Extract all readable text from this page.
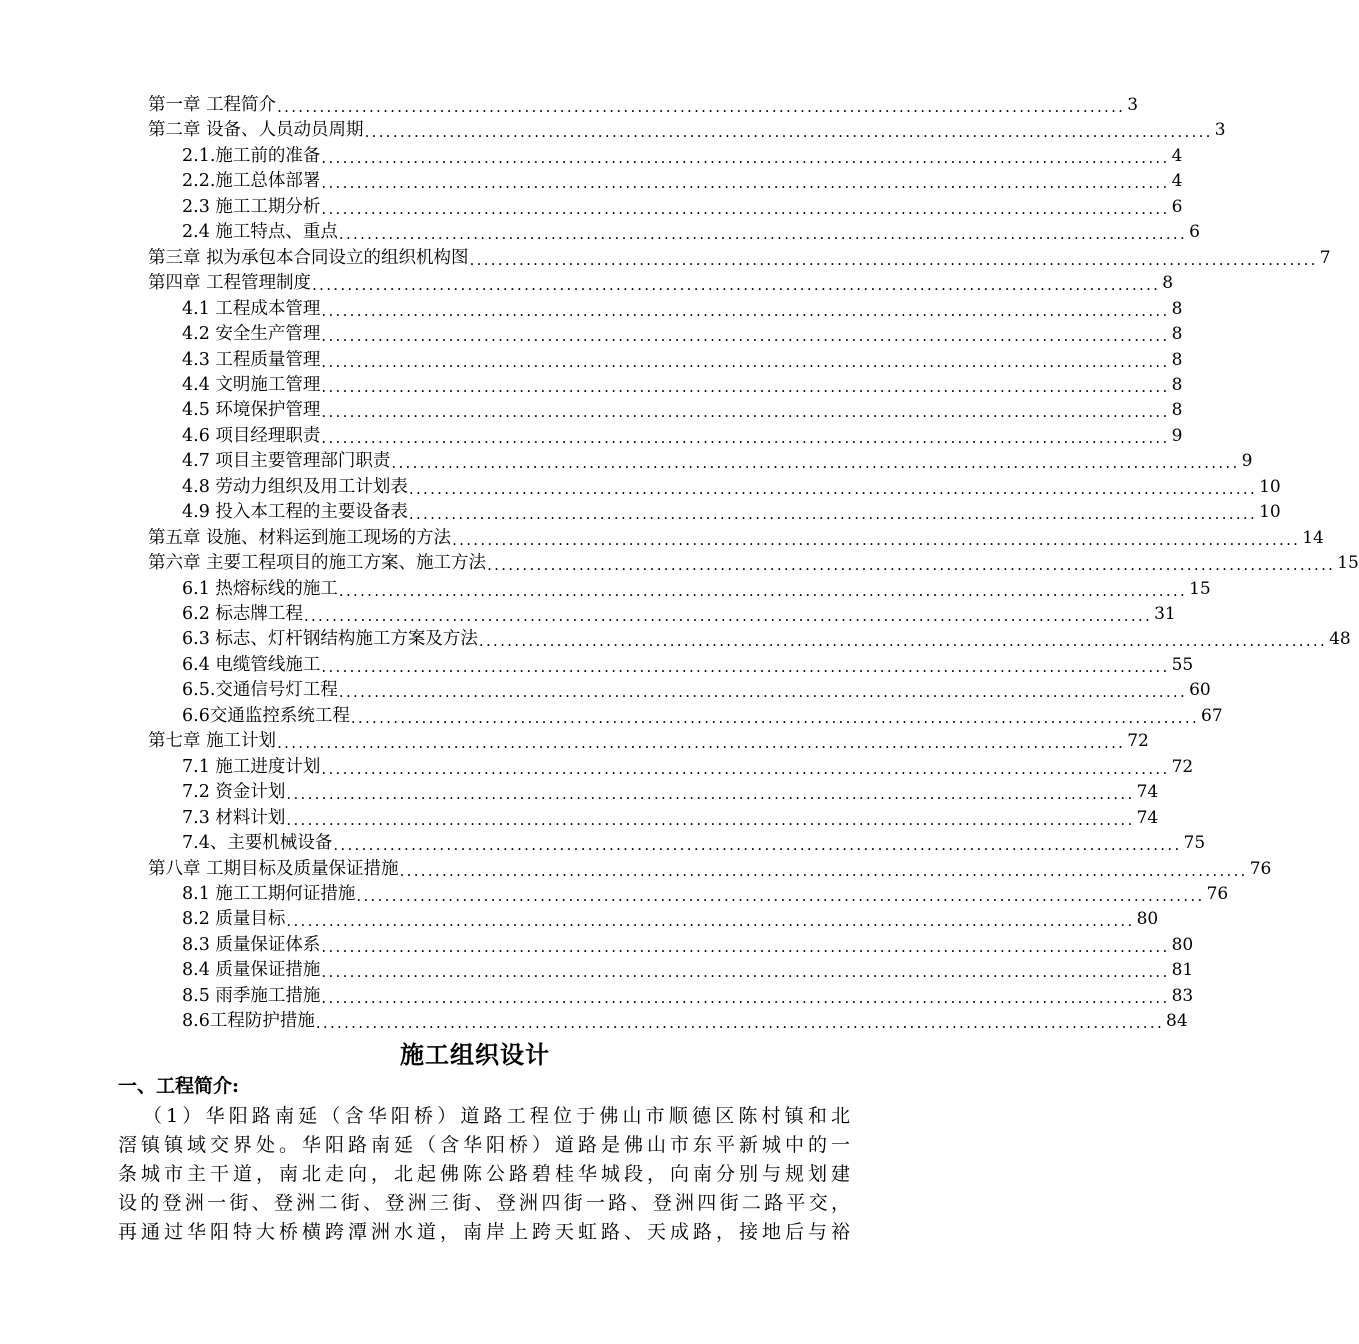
第一章 工程简介 ........................................................................................................................ 3
第二章 设备、人员动员周期 ........................................................................................................................ 3
2.1.施工前的准备 ........................................................................................................................ 4
2.2.施工总体部署 ........................................................................................................................ 4
2.3 施工工期分析 ........................................................................................................................ 6
2.4 施工特点、重点 ........................................................................................................................ 6
第三章 拟为承包本合同设立的组织机构图 ........................................................................................................................ 7
第四章 工程管理制度 ........................................................................................................................ 8
4.1 工程成本管理 ........................................................................................................................ 8
4.2 安全生产管理 ........................................................................................................................ 8
4.3 工程质量管理 ........................................................................................................................ 8
4.4 文明施工管理 ........................................................................................................................ 8
4.5 环境保护管理 ........................................................................................................................ 8
4.6 项目经理职责 ........................................................................................................................ 9
4.7 项目主要管理部门职责 ........................................................................................................................ 9
4.8 劳动力组织及用工计划表 ........................................................................................................................ 10
4.9 投入本工程的主要设备表 ........................................................................................................................ 10
第五章 设施、材料运到施工现场的方法 ........................................................................................................................ 14
第六章 主要工程项目的施工方案、施工方法 ........................................................................................................................ 15
6.1 热熔标线的施工 ........................................................................................................................ 15
6.2 标志牌工程 ........................................................................................................................ 31
6.3 标志、灯杆钢结构施工方案及方法 ........................................................................................................................ 48
6.4 电缆管线施工 ........................................................................................................................ 55
6.5.交通信号灯工程 ........................................................................................................................ 60
6.6交通监控系统工程 ........................................................................................................................ 67
第七章 施工计划 ........................................................................................................................ 72
7.1 施工进度计划 ........................................................................................................................ 72
7.2 资金计划 ........................................................................................................................ 74
7.3 材料计划 ........................................................................................................................ 74
7.4、主要机械设备 ........................................................................................................................ 75
第八章 工期目标及质量保证措施 ........................................................................................................................ 76
8.1 施工工期何证措施 ........................................................................................................................ 76
8.2 质量目标 ........................................................................................................................ 80
8.3 质量保证体系 ........................................................................................................................ 80
8.4 质量保证措施 ........................................................................................................................ 81
8.5 雨季施工措施 ........................................................................................................................ 83
8.6工程防护措施 ........................................................................................................................ 84
施工组织设计
一、工程简介:
（1）华阳路南延（含华阳桥）道路工程位于佛山市顺德区陈村镇和北
滘镇镇域交界处。华阳路南延（含华阳桥）道路是佛山市东平新城中的一
条城市主干道，南北走向，北起佛陈公路碧桂华城段，向南分别与规划建
设的登洲一街、登洲二街、登洲三街、登洲四街一路、登洲四街二路平交，
再通过华阳特大桥横跨潭洲水道，南岸上跨天虹路、天成路，接地后与裕
